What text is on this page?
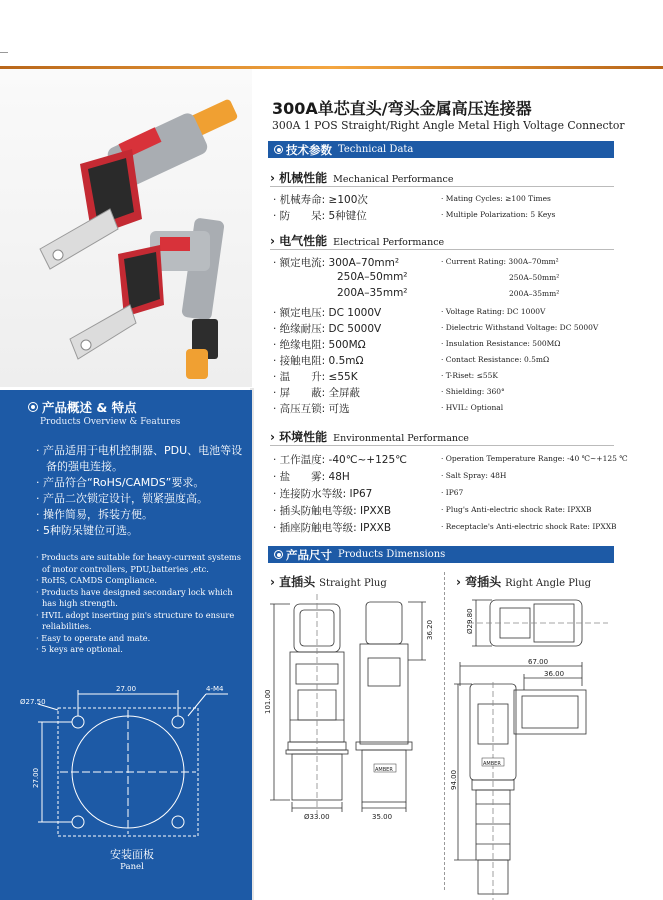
产品概述 & 特点
Products Overview & Features
· 产品适用于电机控制器、PDU、电池等设备的强电连接。
· 产品符合“RoHS/CAMDS”要求。
· 产品二次锁定设计，锁紧强度高。
· 操作简易，拆装方便。
· 5种防呆键位可选。
· Products are suitable for heavy-current systems of motor controllers, PDU,batteries ,etc.
· RoHS, CAMDS Compliance.
· Products have designed secondary lock which has high strength.
· HVIL adopt inserting pin's structure to ensure reliabilities.
· Easy to operate and mate.
· 5 keys are optional.
27.00	4-M4
Ø27.50
27.00
安装面板
Panel
300A单芯直头/弯头金属高压连接器
300A 1 POS Straight/Right Angle Metal High Voltage Connector
技术参数 Technical Data
› 机械性能 Mechanical Performance
· 机械寿命: ≥100次	· Mating Cycles: ≥100 Times
· 防　　呆: 5种键位	· Multiple Polarization: 5 Keys
› 电气性能 Electrical Performance
· 额定电流: 300A–70mm²	· Current Rating: 300A–70mm²
250A–50mm²	250A–50mm²
200A–35mm²	200A–35mm²
· 额定电压: DC 1000V	· Voltage Rating: DC 1000V
· 绝缘耐压: DC 5000V	· Dielectric Withstand Voltage: DC 5000V
· 绝缘电阻: 500MΩ	· Insulation Resistance: 500MΩ
· 接触电阻: 0.5mΩ	· Contact Resistance: 0.5mΩ
· 温　　升: ≤55K	· T-Riset: ≤55K
· 屏　　蔽: 全屏蔽	· Shielding: 360°
· 高压互锁: 可选	· HVIL: Optional
› 环境性能 Environmental Performance
· 工作温度: -40℃~+125℃	· Operation Temperature Range: -40 ℃~+125 ℃
· 盐　　雾: 48H	· Salt Spray: 48H
· 连接防水等级: IP67	· IP67
· 插头防触电等级: IPXXB	· Plug's Anti-electric shock Rate: IPXXB
· 插座防触电等级: IPXXB	· Receptacle's Anti-electric shock Rate: IPXXB
产品尺寸 Products Dimensions
› 直插头 Straight Plug	› 弯插头 Right Angle Plug
AMBER
101.00
36.20
Ø33.00	35.00
AMBER
Ø29.80
67.00
36.00
94.00
